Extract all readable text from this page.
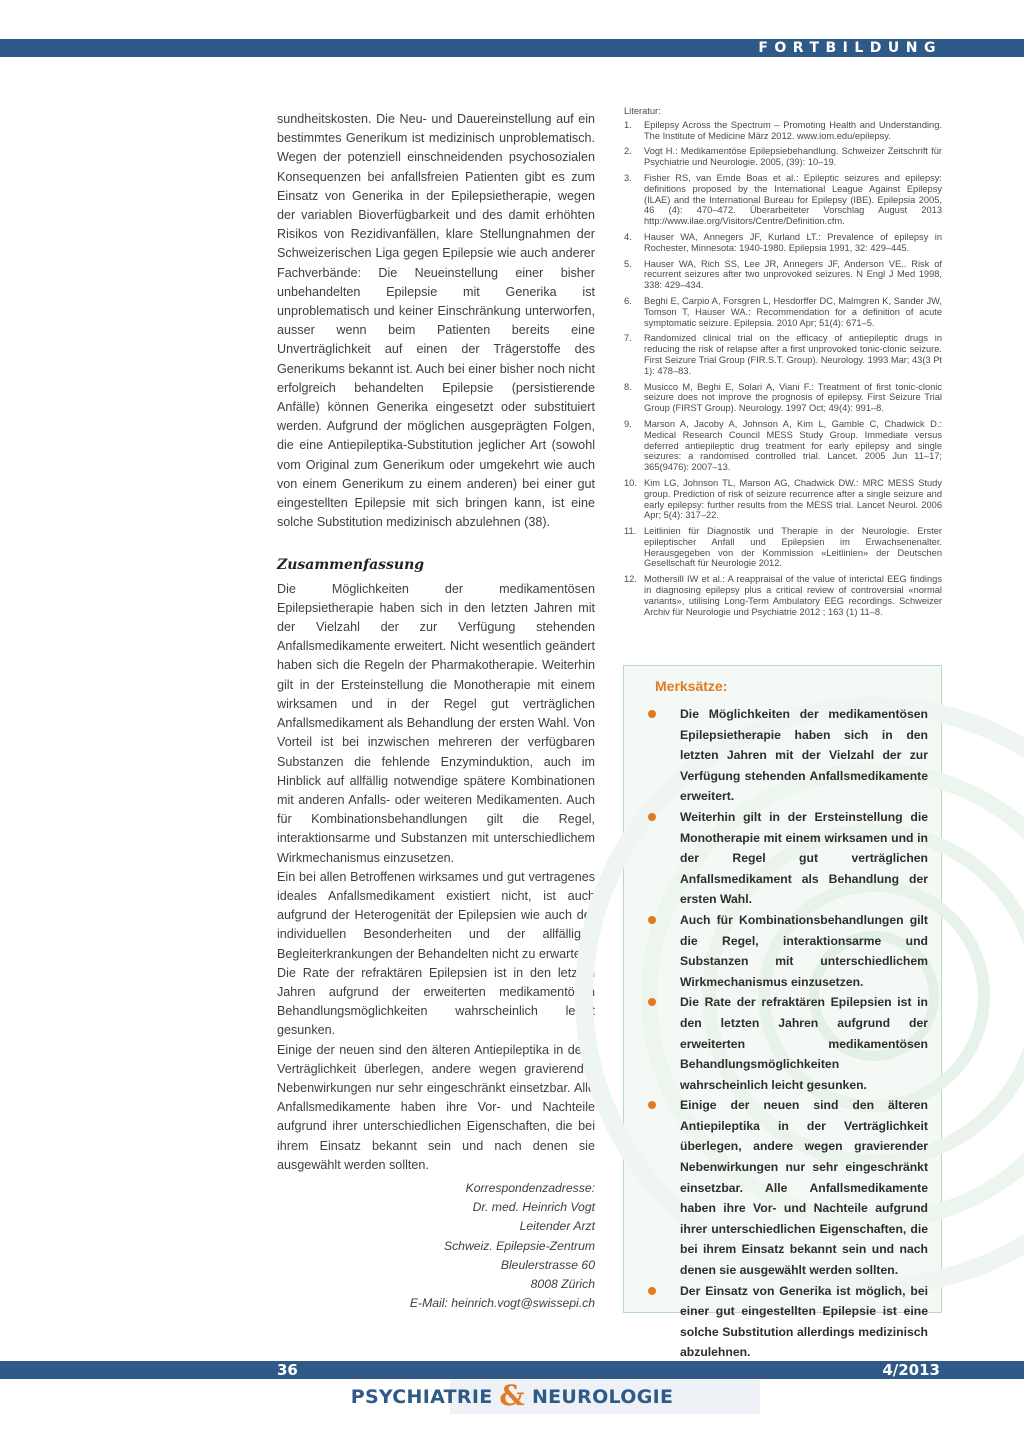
FORTBILDUNG

sundheitskosten. Die Neu- und Dauereinstellung auf ein bestimmtes Generikum ist medizinisch unproblematisch. Wegen der potenziell einschneidenden psychosozialen Konsequenzen bei anfallsfreien Patienten gibt es zum Einsatz von Generika in der Epilepsietherapie, wegen der variablen Bioverfügbarkeit und des damit erhöhten Risikos von Rezidivanfällen, klare Stellungnahmen der Schweizerischen Liga gegen Epilepsie wie auch anderer Fachverbände: Die Neueinstellung einer bisher unbehandelten Epilepsie mit Generika ist unproblematisch und keiner Einschränkung unterworfen, ausser wenn beim Patienten bereits eine Unverträglichkeit auf einen der Trägerstoffe des Generikums bekannt ist. Auch bei einer bisher noch nicht erfolgreich behandelten Epilepsie (persistierende Anfälle) können Generika eingesetzt oder substituiert werden. Aufgrund der möglichen ausgeprägten Folgen, die eine Antiepileptika-Substitution jeglicher Art (sowohl vom Original zum Generikum oder umgekehrt wie auch von einem Generikum zu einem anderen) bei einer gut eingestellten Epilepsie mit sich bringen kann, ist eine solche Substitution medizinisch abzulehnen (38).

Zusammenfassung

Die Möglichkeiten der medikamentösen Epilepsietherapie haben sich in den letzten Jahren mit der Vielzahl der zur Verfügung stehenden Anfallsmedikamente erweitert. Nicht wesentlich geändert haben sich die Regeln der Pharmakotherapie. Weiterhin gilt in der Ersteinstellung die Monotherapie mit einem wirksamen und in der Regel gut verträglichen Anfallsmedikament als Behandlung der ersten Wahl. Von Vorteil ist bei inzwischen mehreren der verfügbaren Substanzen die fehlende Enzyminduktion, auch im Hinblick auf allfällig notwendige spätere Kombinationen mit anderen Anfalls- oder weiteren Medikamenten. Auch für Kombinationsbehandlungen gilt die Regel, interaktionsarme und Substanzen mit unterschiedlichem Wirkmechanismus einzusetzen.

Ein bei allen Betroffenen wirksames und gut vertragenes ideales Anfallsmedikament existiert nicht, ist auch aufgrund der Heterogenität der Epilepsien wie auch der individuellen Besonderheiten und der allfälligen Begleiterkrankungen der Behandelten nicht zu erwarten.

Die Rate der refraktären Epilepsien ist in den letzten Jahren aufgrund der erweiterten medikamentösen Behandlungsmöglichkeiten wahrscheinlich leicht gesunken.

Einige der neuen sind den älteren Antiepileptika in der Verträglichkeit überlegen, andere wegen gravierender Nebenwirkungen nur sehr eingeschränkt einsetzbar. Alle Anfallsmedikamente haben ihre Vor- und Nachteile aufgrund ihrer unterschiedlichen Eigenschaften, die bei ihrem Einsatz bekannt sein und nach denen sie ausgewählt werden sollten.

Korrespondenzadresse:
Dr. med. Heinrich Vogt
Leitender Arzt
Schweiz. Epilepsie-Zentrum
Bleulerstrasse 60
8008 Zürich
E-Mail: heinrich.vogt@swissepi.ch
Literatur:
1.	Epilepsy Across the Spectrum – Promoting Health and Understanding. The Institute of Medicine März 2012. www.iom.edu/epilepsy.
2.	Vogt H.: Medikamentöse Epilepsiebehandlung. Schweizer Zeitschrift für Psychiatrie und Neurologie. 2005, (39): 10–19.
3.	Fisher RS, van Emde Boas et al.: Epileptic seizures and epilepsy: definitions proposed by the International League Against Epilepsy (ILAE) and the International Bureau for Epilepsy (IBE). Epilepsia 2005, 46 (4): 470–472. Überarbeiteter Vorschlag August 2013 http://www.ilae.org/Visitors/Centre/Definition.cfm.
4.	Hauser WA, Annegers JF, Kurland LT.: Prevalence of epilepsy in Rochester, Minnesota: 1940-1980. Epilepsia 1991, 32: 429–445.
5.	Hauser WA, Rich SS, Lee JR, Annegers JF, Anderson VE.. Risk of recurrent seizures after two unprovoked seizures. N Engl J Med 1998, 338: 429–434.
6.	Beghi E, Carpio A, Forsgren L, Hesdorffer DC, Malmgren K, Sander JW, Tomson T, Hauser WA.: Recommendation for a definition of acute symptomatic seizure. Epilepsia. 2010 Apr; 51(4): 671–5.
7.	Randomized clinical trial on the efficacy of antiepileptic drugs in reducing the risk of relapse after a first unprovoked tonic-clonic seizure. First Seizure Trial Group (FIR.S.T. Group). Neurology. 1993 Mar; 43(3 Pt 1): 478–83.
8.	Musicco M, Beghi E, Solari A, Viani F.: Treatment of first tonic-clonic seizure does not improve the prognosis of epilepsy. First Seizure Trial Group (FIRST Group). Neurology. 1997 Oct; 49(4): 991–8.
9.	Marson A, Jacoby A, Johnson A, Kim L, Gamble C, Chadwick D.: Medical Research Council MESS Study Group. Immediate versus deferred antiepileptic drug treatment for early epilepsy and single seizures: a randomised controlled trial. Lancet. 2005 Jun 11–17; 365(9476): 2007–13.
10. Kim LG, Johnson TL, Marson AG, Chadwick DW.: MRC MESS Study group. Prediction of risk of seizure recurrence after a single seizure and early epilepsy: further results from the MESS trial. Lancet Neurol. 2006 Apr; 5(4): 317–22.
11. Leitlinien für Diagnostik und Therapie in der Neurologie. Erster epileptischer Anfall und Epilepsien im Erwachsenenalter. Herausgegeben von der Kommission «Leitlinien» der Deutschen Gesellschaft für Neurologie 2012.
12. Mothersill IW et al.: A reappraisal of the value of interictal EEG findings in diagnosing epilepsy plus a critical review of controversial «normal variants», utilising Long-Term Ambulatory EEG recordings. Schweizer Archiv für Neurologie und Psychiatrie 2012 ; 163 (1) 11–8.
Merksätze:
Die Möglichkeiten der medikamentösen Epilepsietherapie haben sich in den letzten Jahren mit der Vielzahl der zur Verfügung stehenden Anfallsmedikamente erweitert.
Weiterhin gilt in der Ersteinstellung die Monotherapie mit einem wirksamen und in der Regel gut verträglichen Anfallsmedikament als Behandlung der ersten Wahl.
Auch für Kombinationsbehandlungen gilt die Regel, interaktionsarme und Substanzen mit unterschiedlichem Wirkmechanismus einzusetzen.
Die Rate der refraktären Epilepsien ist in den letzten Jahren aufgrund der erweiterten medikamentösen Behandlungsmöglichkeiten wahrscheinlich leicht gesunken.
Einige der neuen sind den älteren Antiepileptika in der Verträglichkeit überlegen, andere wegen gravierender Nebenwirkungen nur sehr eingeschränkt einsetzbar. Alle Anfallsmedikamente haben ihre Vor- und Nachteile aufgrund ihrer unterschiedlichen Eigenschaften, die bei ihrem Einsatz bekannt sein und nach denen sie ausgewählt werden sollten.
Der Einsatz von Generika ist möglich, bei einer gut eingestellten Epilepsie ist eine solche Substitution allerdings medizinisch abzulehnen.
36	4/2013
PSYCHIATRIE & NEUROLOGIE
